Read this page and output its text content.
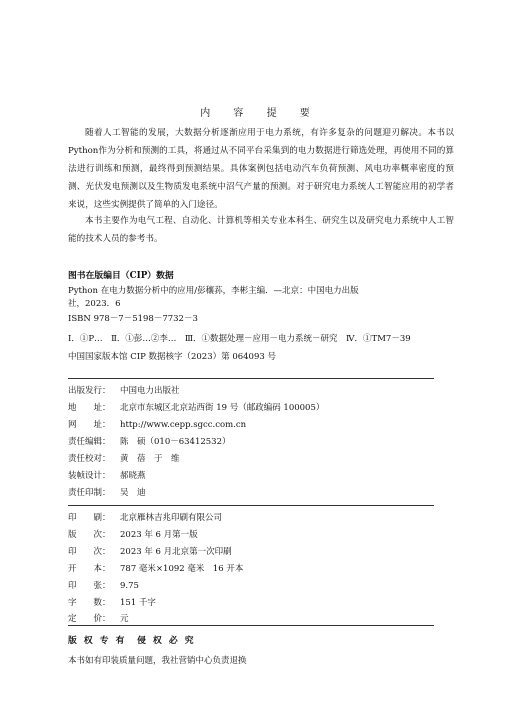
内 容 提 要
随着人工智能的发展，大数据分析逐渐应用于电力系统，有许多复杂的问题迎刃解决。本书以Python作为分析和预测的工具，将通过从不同平台采集到的电力数据进行筛选处理，再使用不同的算法进行训练和预测，最终得到预测结果。具体案例包括电动汽车负荷预测、风电功率概率密度的预测、光伏发电预测以及生物质发电系统中沼气产量的预测。对于研究电力系统人工智能应用的初学者来说，这些实例提供了简单的入门途径。
本书主要作为电气工程、自动化、计算机等相关专业本科生、研究生以及研究电力系统中人工智能的技术人员的参考书。
图书在版编目（CIP）数据
Python 在电力数据分析中的应用/彭穰荪，李彬主编．—北京：中国电力出版
社，2023．6
ISBN 978－7－5198－7732－3
Ⅰ．①P…　Ⅱ．①彭…②李…　Ⅲ．①数据处理－应用－电力系统－研究　Ⅳ．①TM7－39
中国国家版本馆 CIP 数据核字（2023）第 064093 号
出版发行： 中国电力出版社
地　　址： 北京市东城区北京站西街 19 号（邮政编码 100005）
网　　址： http://www.cepp.sgcc.com.cn
责任编辑： 陈　硕（010－63412532）
责任校对： 黄　蓓　于　维
装帧设计： 郝晓燕
责任印制： 吴　迪
印　　刷： 北京雁林吉兆印刷有限公司
版　　次： 2023 年 6 月第一版
印　　次： 2023 年 6 月北京第一次印刷
开　　本： 787 毫米×1092 毫米　16 开本
印　　张： 9.75
字　　数： 151 千字
定　　价： 元
版 权 专 有　侵 权 必 究
本书如有印装质量问题，我社营销中心负责退换
